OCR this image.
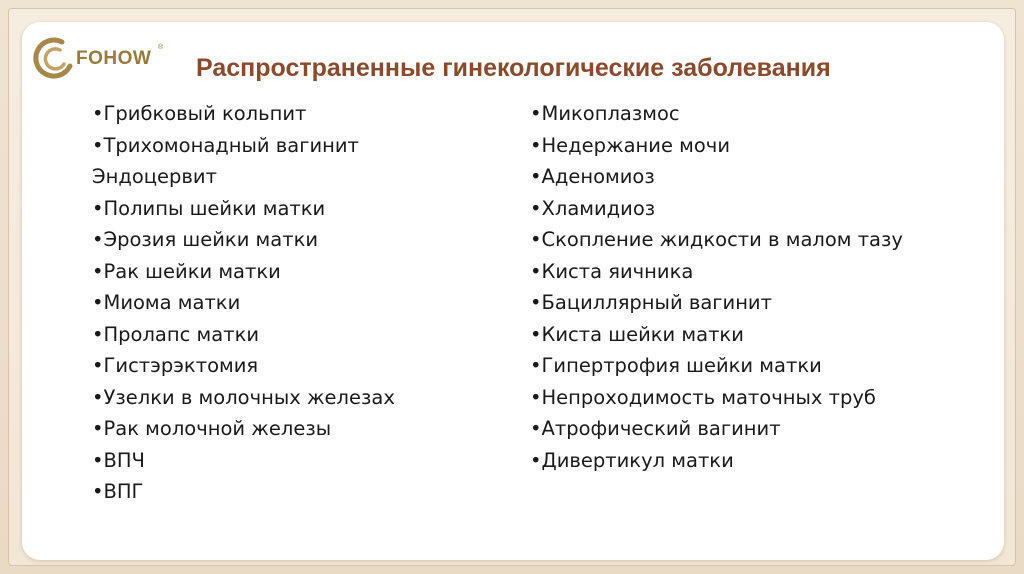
FOHOW
®
Распространенные гинекологические заболевания
•Грибковый кольпит
•Трихомонадный вагинит
Эндоцервит
•Полипы шейки матки
•Эрозия шейки матки
•Рак шейки матки
•Миома матки
•Пролапс матки
•Гистэрэктомия
•Узелки в молочных железах
•Рак молочной железы
•ВПЧ
•ВПГ
•Микоплазмос
•Недержание мочи
•Аденомиоз
•Хламидиоз
•Скопление жидкости в малом тазу
•Киста яичника
•Бациллярный вагинит
•Киста шейки матки
•Гипертрофия шейки матки
•Непроходимость маточных труб
•Атрофический вагинит
•Дивертикул матки
